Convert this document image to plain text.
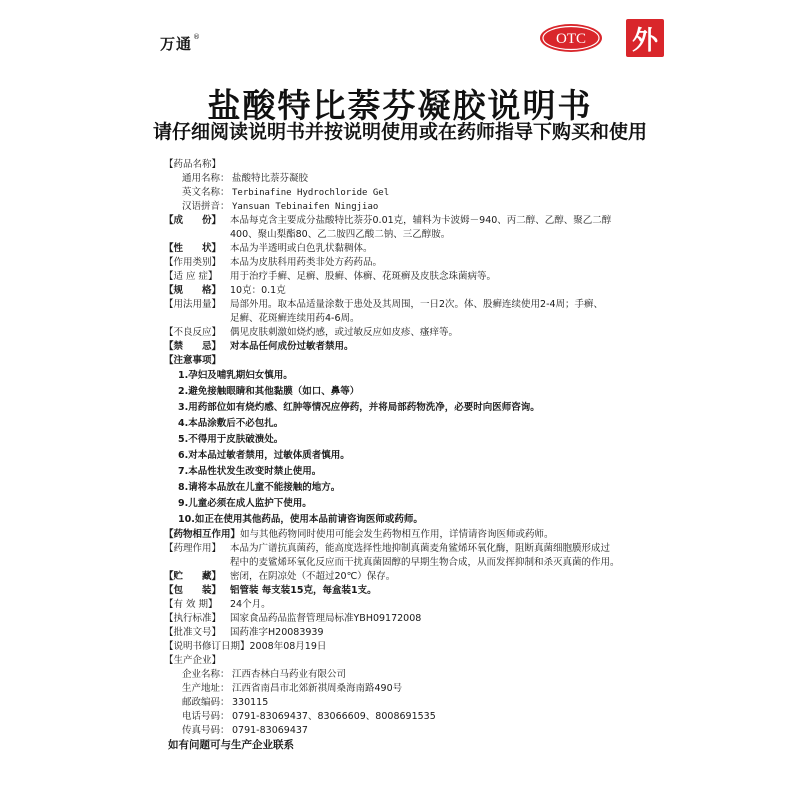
万通®	OTC 外
盐酸特比萘芬凝胶说明书
请仔细阅读说明书并按说明使用或在药师指导下购买和使用
【药品名称】
通用名称： 盐酸特比萘芬凝胶
英文名称： Terbinafine Hydrochloride Gel
汉语拼音： Yansuan Tebinaifen Ningjiao
【成　　份】 本品每克含主要成分盐酸特比萘芬0.01克，辅料为卡波姆－940、丙二醇、乙醇、聚乙二醇
400、聚山梨酯80、乙二胺四乙酸二钠、三乙醇胺。
【性　　状】 本品为半透明或白色乳状黏稠体。
【作用类别】 本品为皮肤科用药类非处方药药品。
【适 应 症】	用于治疗手癣、足癣、股癣、体癣、花斑癣及皮肤念珠菌病等。
【规　　格】 10克：0.1克
【用法用量】 局部外用。取本品适量涂数于患处及其周围，一日2次。体、股癣连续使用2-4周；手癣、
足癣、花斑癣连续用药4-6周。
【不良反应】 偶见皮肤刺激如烧灼感，或过敏反应如皮疹、瘙痒等。
【禁　　忌】 对本品任何成份过敏者禁用。
【注意事项】
1.孕妇及哺乳期妇女慎用。
2.避免接触眼睛和其他黏膜（如口、鼻等）
3.用药部位如有烧灼感、红肿等情况应停药，并将局部药物洗净，必要时向医师咨询。
4.本品涂敷后不必包扎。
5.不得用于皮肤破溃处。
6.对本品过敏者禁用，过敏体质者慎用。
7.本品性状发生改变时禁止使用。
8.请将本品放在儿童不能接触的地方。
9.儿童必须在成人监护下使用。
10.如正在使用其他药品，使用本品前请咨询医师或药师。
【药物相互作用】 如与其他药物同时使用可能会发生药物相互作用，详情请咨询医师或药师。
【药理作用】 本品为广谱抗真菌药，能高度选择性地抑制真菌麦角鲨烯环氧化酶，阻断真菌细胞膜形成过
程中的麦鲨烯环氧化反应而干扰真菌固醇的早期生物合成，从而发挥抑制和杀灭真菌的作用。
【贮　　藏】 密闭，在阴凉处（不超过20℃）保存。
【包　　装】 铝管装 每支装15克，每盒装1支。
【有 效 期】	24个月。
【执行标准】 国家食品药品监督管理局标准YBH09172008
【批准文号】 国药准字H20083939
【说明书修订日期】 2008年08月19日
【生产企业】
企业名称： 江西杏林白马药业有限公司
生产地址： 江西省南昌市北郊新祺周桑海南路490号
邮政编码： 330115
电话号码： 0791-83069437、83066609、8008691535
传真号码： 0791-83069437
如有问题可与生产企业联系
